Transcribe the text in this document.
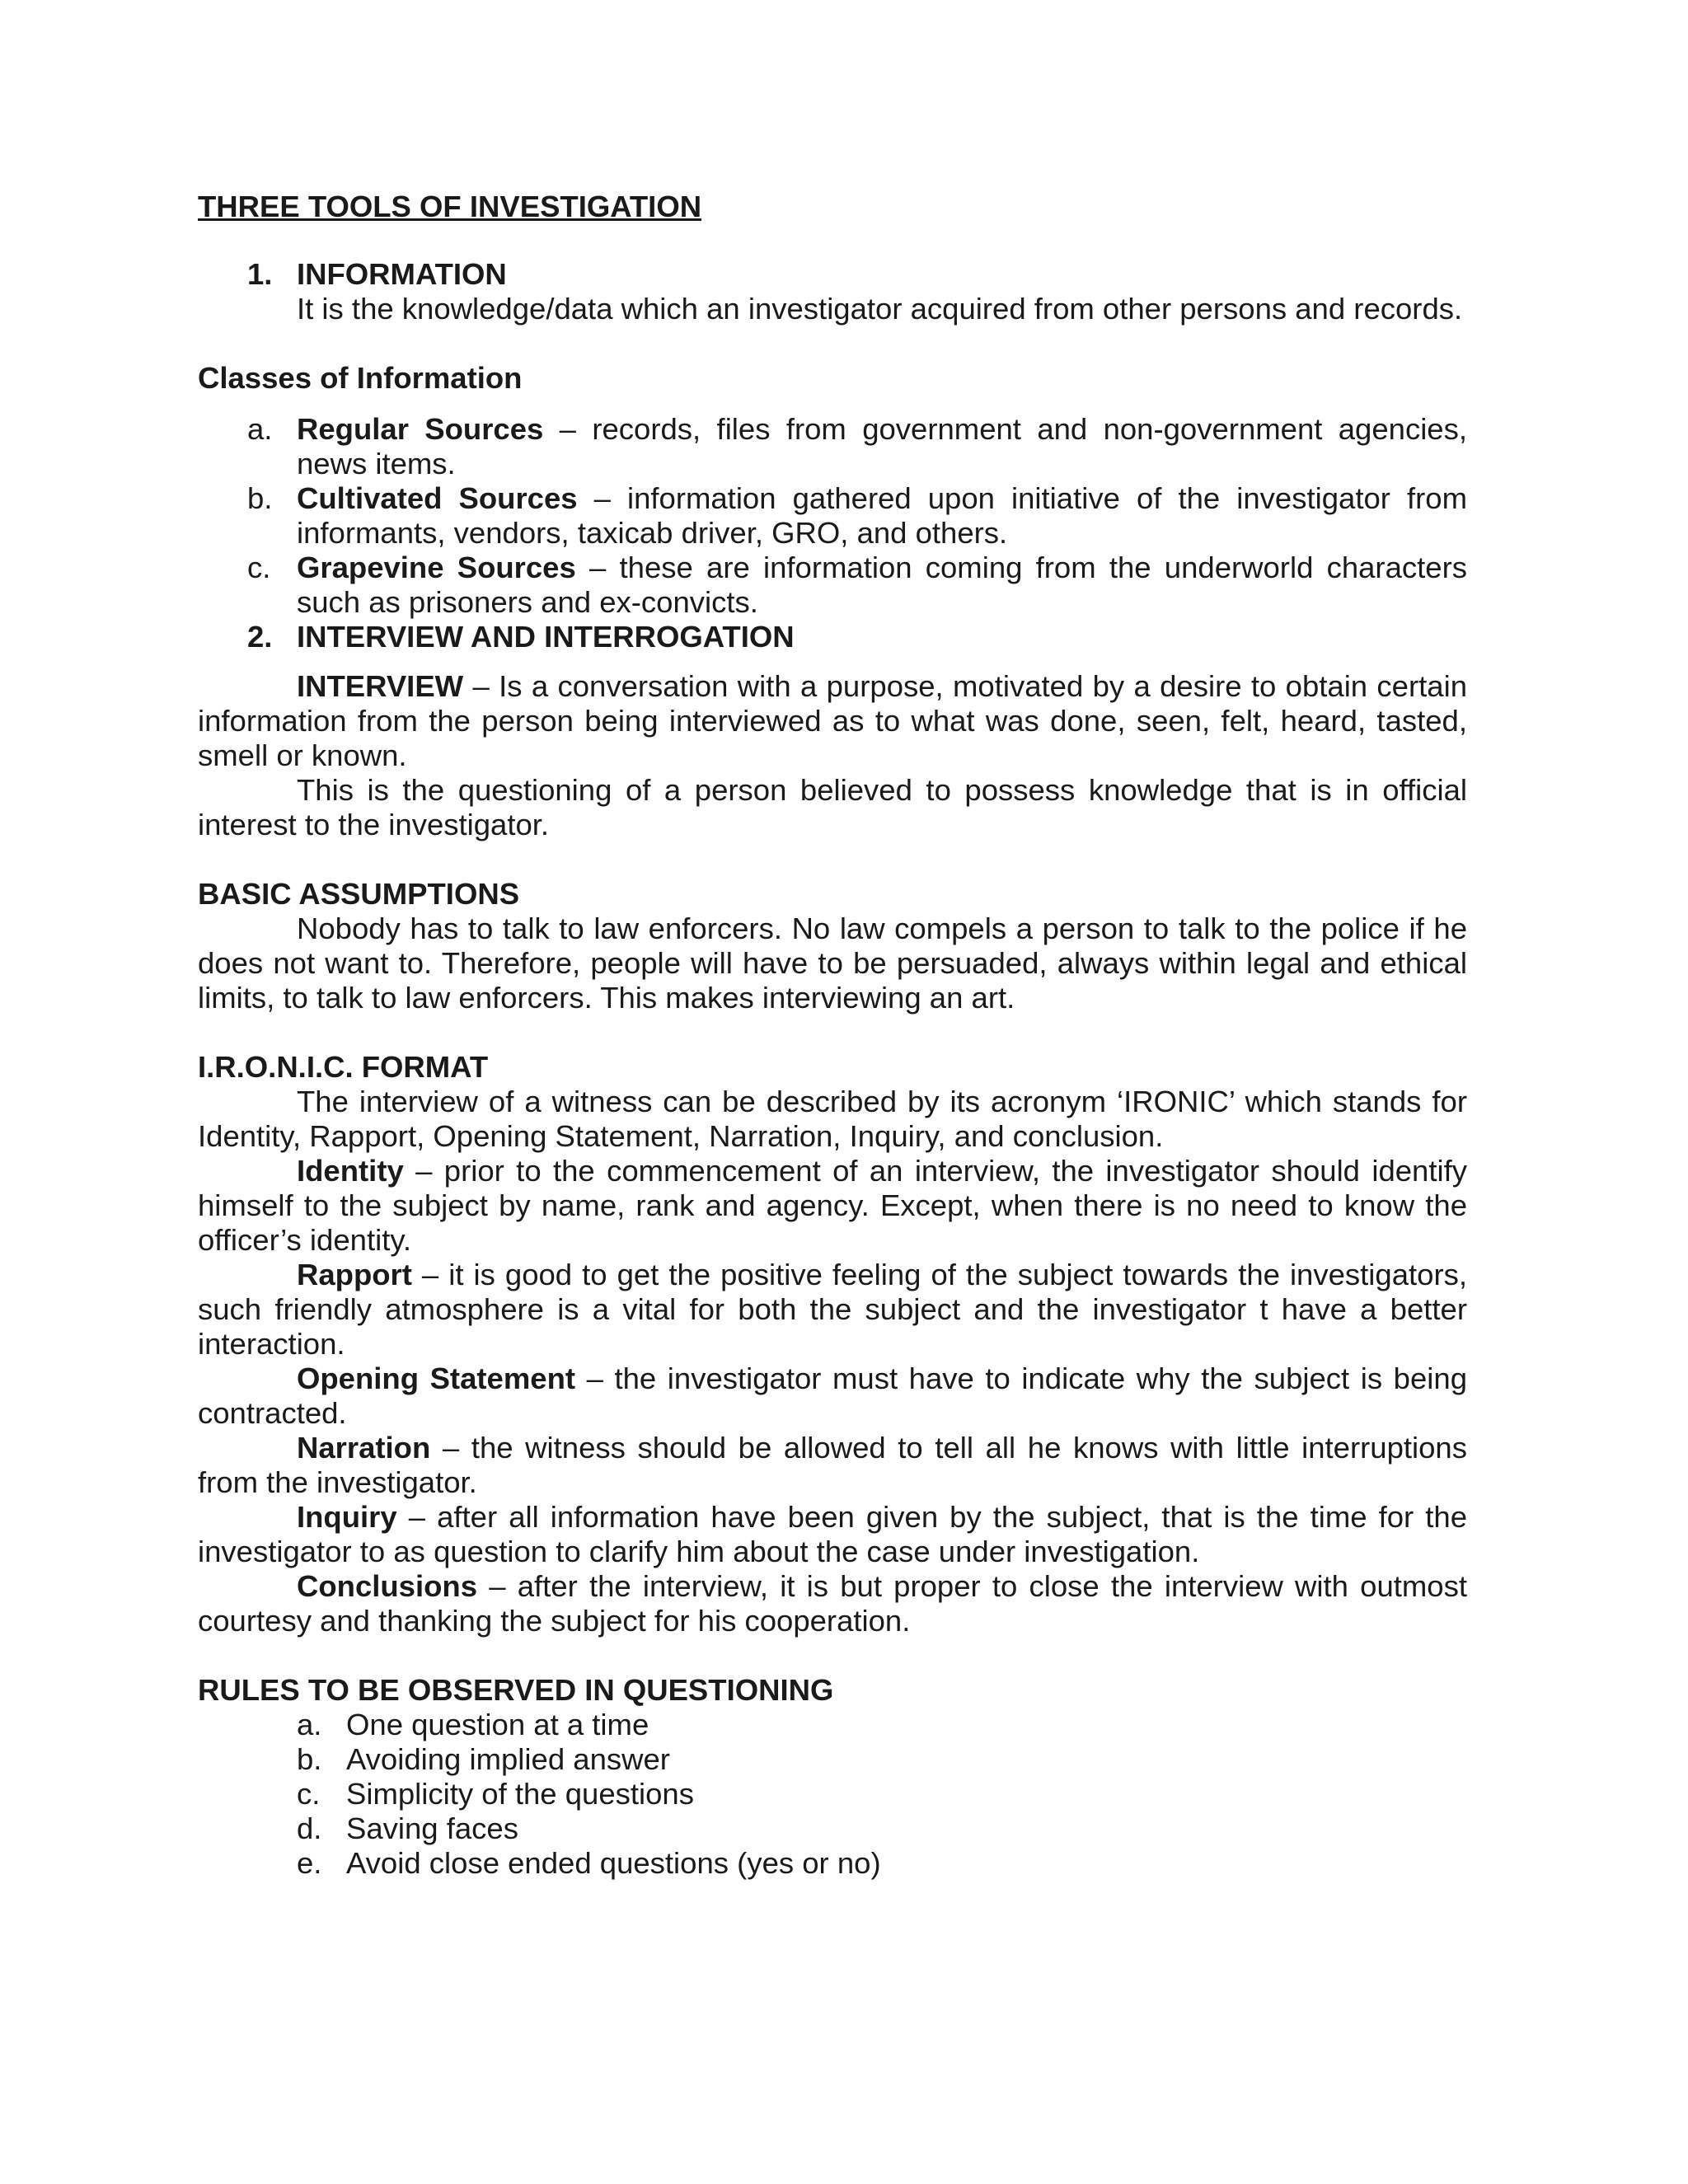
THREE TOOLS OF INVESTIGATION

1. INFORMATION

It is the knowledge/data which an investigator acquired from other persons and records.

Classes of Information

a. Regular Sources – records, files from government and non-government agencies, news items.
b. Cultivated Sources – information gathered upon initiative of the investigator from informants, vendors, taxicab driver, GRO, and others.
c. Grapevine Sources – these are information coming from the underworld characters such as prisoners and ex-convicts.
2. INTERVIEW AND INTERROGATION

INTERVIEW – Is a conversation with a purpose, motivated by a desire to obtain certain information from the person being interviewed as to what was done, seen, felt, heard, tasted, smell or known.

This is the questioning of a person believed to possess knowledge that is in official interest to the investigator.

BASIC ASSUMPTIONS

Nobody has to talk to law enforcers. No law compels a person to talk to the police if he does not want to. Therefore, people will have to be persuaded, always within legal and ethical limits, to talk to law enforcers. This makes interviewing an art.

I.R.O.N.I.C. FORMAT

The interview of a witness can be described by its acronym ‘IRONIC’ which stands for Identity, Rapport, Opening Statement, Narration, Inquiry, and conclusion.

Identity – prior to the commencement of an interview, the investigator should identify himself to the subject by name, rank and agency. Except, when there is no need to know the officer’s identity.

Rapport – it is good to get the positive feeling of the subject towards the investigators, such friendly atmosphere is a vital for both the subject and the investigator t have a better interaction.

Opening Statement – the investigator must have to indicate why the subject is being contracted.

Narration – the witness should be allowed to tell all he knows with little interruptions from the investigator.

Inquiry – after all information have been given by the subject, that is the time for the investigator to as question to clarify him about the case under investigation.

Conclusions – after the interview, it is but proper to close the interview with outmost courtesy and thanking the subject for his cooperation.

RULES TO BE OBSERVED IN QUESTIONING

a. One question at a time
b. Avoiding implied answer
c. Simplicity of the questions
d. Saving faces
e. Avoid close ended questions (yes or no)
